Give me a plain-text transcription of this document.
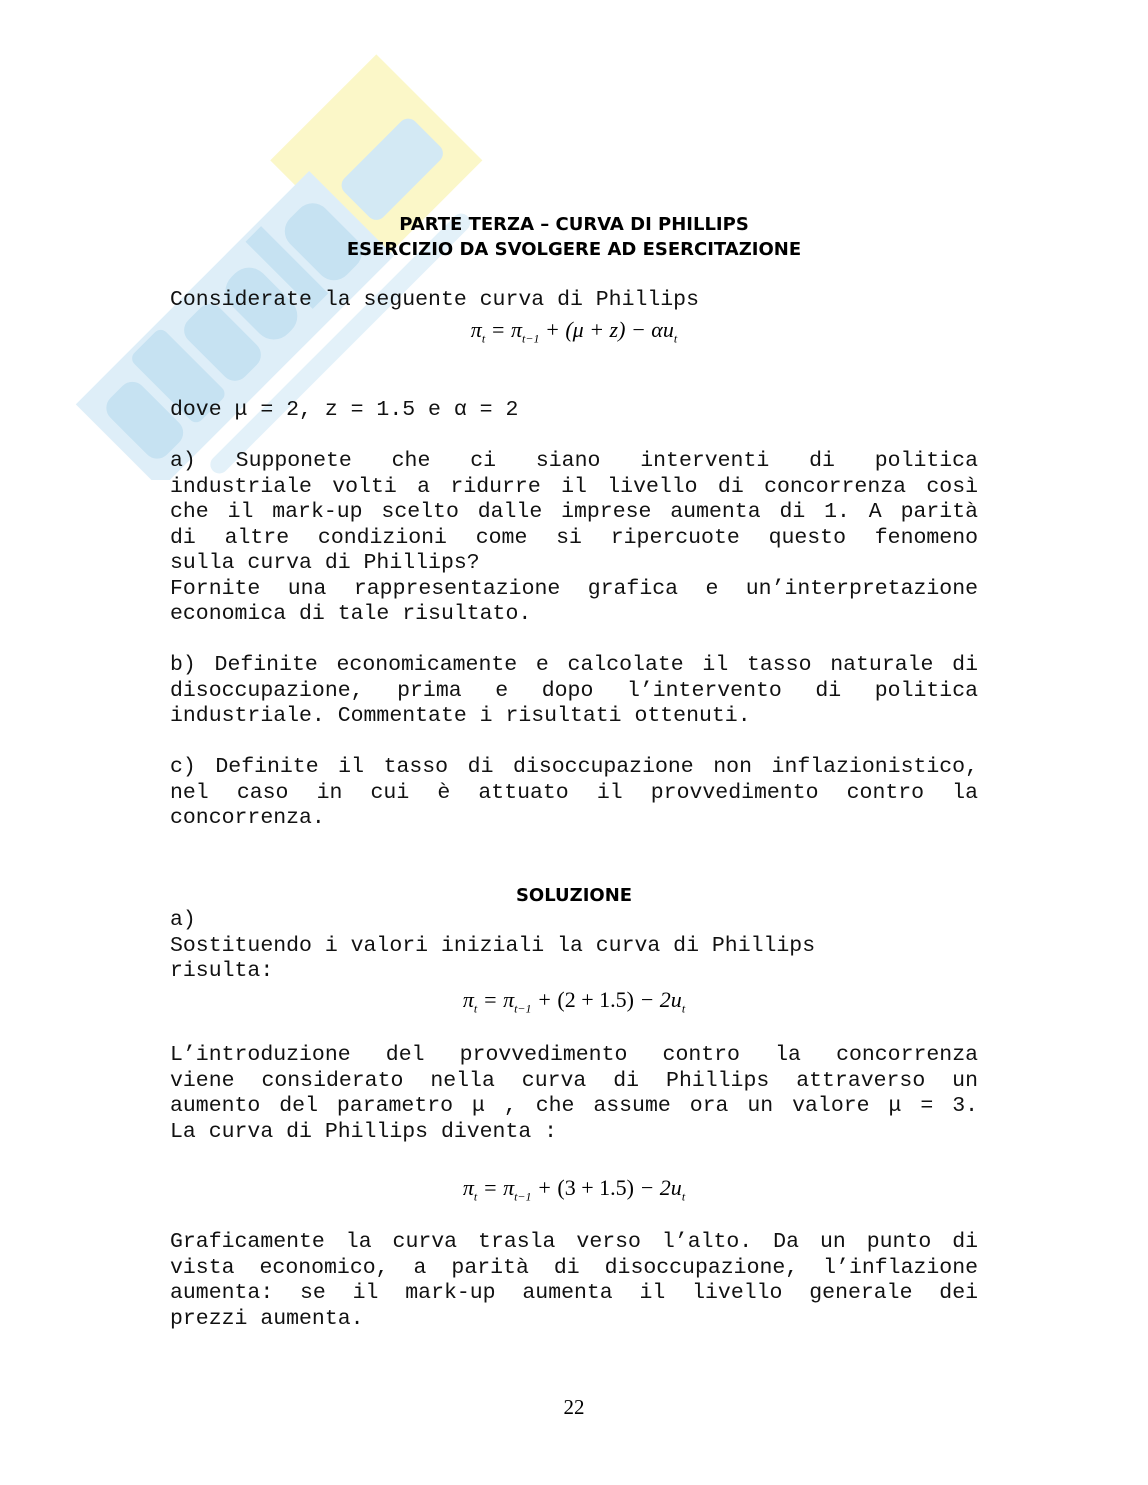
PARTE TERZA – CURVA DI PHILLIPS
ESERCIZIO DA SVOLGERE AD ESERCITAZIONE
Considerate la seguente curva di Phillips
$\pi_t = \pi_{t-1} + (\mu + z) - \alpha u_t$
dove μ = 2, z = 1.5 e α = 2
a) Supponete che ci siano interventi di politica
industriale volti a ridurre il livello di concorrenza così
che il mark-up scelto dalle imprese aumenta di 1. A parità
di altre condizioni come si ripercuote questo fenomeno
sulla curva di Phillips?
Fornite una rappresentazione grafica e un’interpretazione
economica di tale risultato.
b) Definite economicamente e calcolate il tasso naturale di
disoccupazione, prima e dopo l’intervento di politica
industriale. Commentate i risultati ottenuti.
c) Definite il tasso di disoccupazione non inflazionistico,
nel caso in cui è attuato il provvedimento contro la
concorrenza.
SOLUZIONE
a)
Sostituendo i valori iniziali la curva di Phillips
risulta:
$\pi_t = \pi_{t-1} + (2 + 1.5) - 2u_t$
L’introduzione del provvedimento contro la concorrenza
viene considerato nella curva di Phillips attraverso un
aumento del parametro μ , che assume ora un valore μ = 3.
La curva di Phillips diventa :
$\pi_t = \pi_{t-1} + (3 + 1.5) - 2u_t$
Graficamente la curva trasla verso l’alto. Da un punto di
vista economico, a parità di disoccupazione, l’inflazione
aumenta: se il mark-up aumenta il livello generale dei
prezzi aumenta.
22
